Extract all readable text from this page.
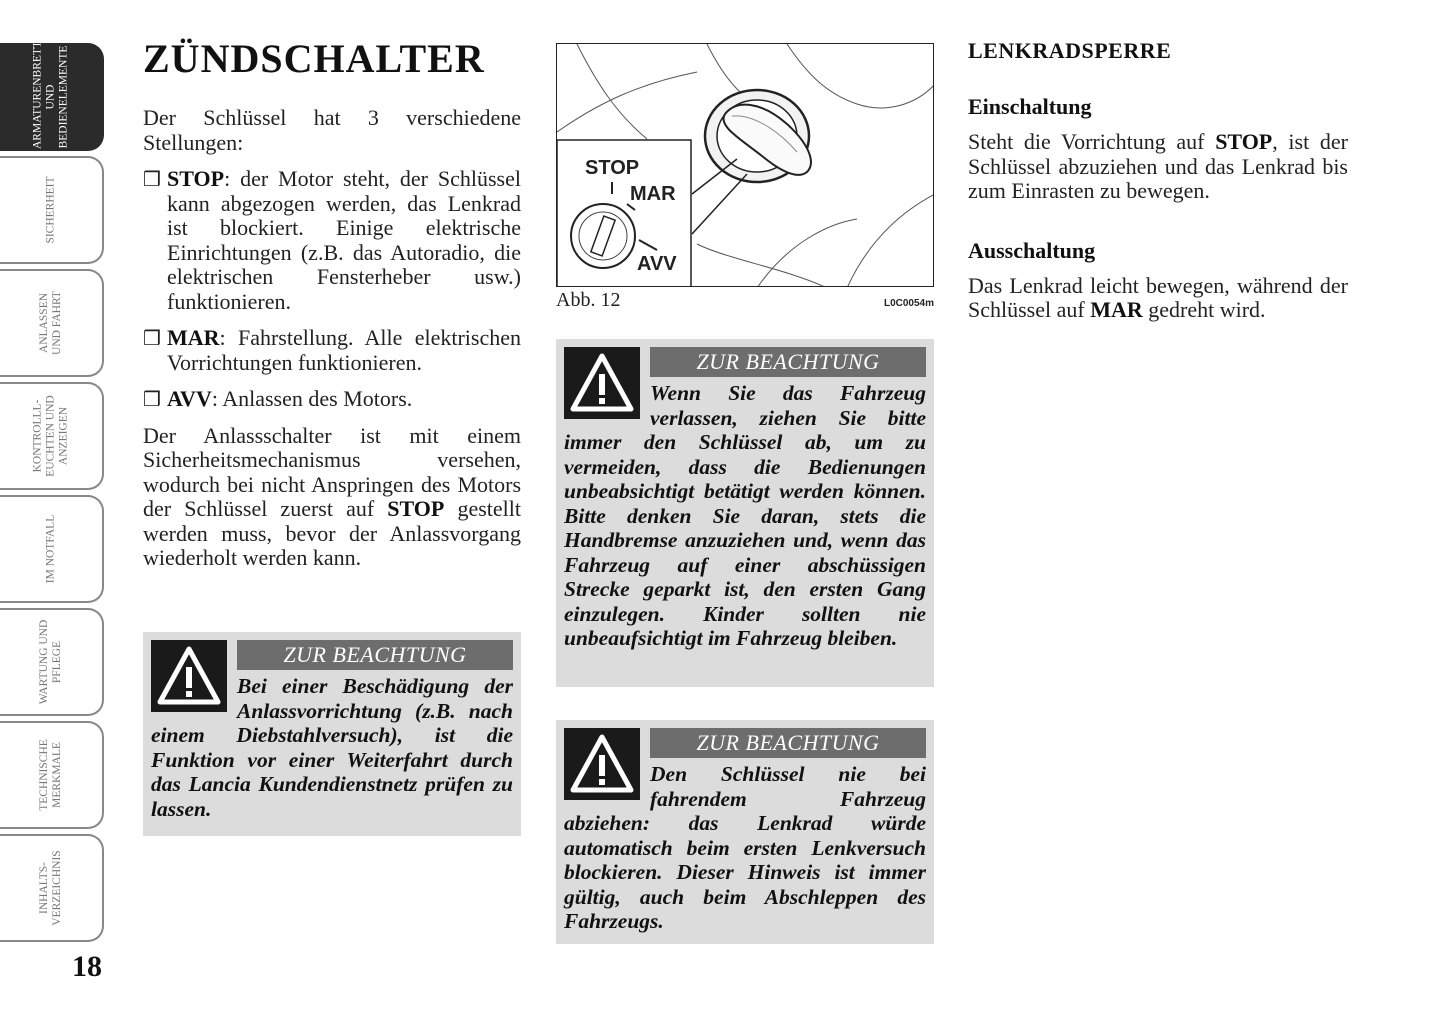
ARMATURENBRETT
UND
BEDIENELEMENTE
SICHERHEIT
ANLASSEN
UND FAHRT
KONTROLLL-
EUCHTEN UND
ANZEIGEN
IM NOTFALL
WARTUNG UND
PFLEGE
TECHNISCHE
MERKMALE
INHALTS-
VERZEICHNIS
18
ZÜNDSCHALTER

Der Schlüssel hat 3 verschiedene Stellungen:

❒ STOP: der Motor steht, der Schlüssel kann abgezogen werden, das Lenkrad ist blockiert. Einige elektrische Einrichtungen (z.B. das Autoradio, die elektrischen Fensterheber usw.) funktionieren.

❒ MAR: Fahrstellung. Alle elektrischen Vorrichtungen funktionieren.

❒ AVV: Anlassen des Motors.

Der Anlassschalter ist mit einem Sicherheitsmechanismus versehen, wodurch bei nicht Anspringen des Motors der Schlüssel zuerst auf STOP gestellt werden muss, bevor der Anlassvorgang wiederholt werden kann.

ZUR BEACHTUNG

Bei einer Beschädigung der Anlassvorrichtung (z.B. nach einem Diebstahlversuch), ist die Funktion vor einer Weiterfahrt durch das Lancia Kundendienstnetz prüfen zu lassen.

STOP
MAR
AVV
Abb. 12	L0C0054m
ZUR BEACHTUNG

Wenn Sie das Fahrzeug verlassen, ziehen Sie bitte immer den Schlüssel ab, um zu vermeiden, dass die Bedienungen unbeabsichtigt betätigt werden können. Bitte denken Sie daran, stets die Handbremse anzuziehen und, wenn das Fahrzeug auf einer abschüssigen Strecke geparkt ist, den ersten Gang einzulegen. Kinder sollten nie unbeaufsichtigt im Fahrzeug bleiben.

ZUR BEACHTUNG

Den Schlüssel nie bei fahrendem Fahrzeug abziehen: das Lenkrad würde automatisch beim ersten Lenkversuch blockieren. Dieser Hinweis ist immer gültig, auch beim Abschleppen des Fahrzeugs.

LENKRADSPERRE
Einschaltung

Steht die Vorrichtung auf STOP, ist der Schlüssel abzuziehen und das Lenkrad bis zum Einrasten zu bewegen.

Ausschaltung

Das Lenkrad leicht bewegen, während der Schlüssel auf MAR gedreht wird.
